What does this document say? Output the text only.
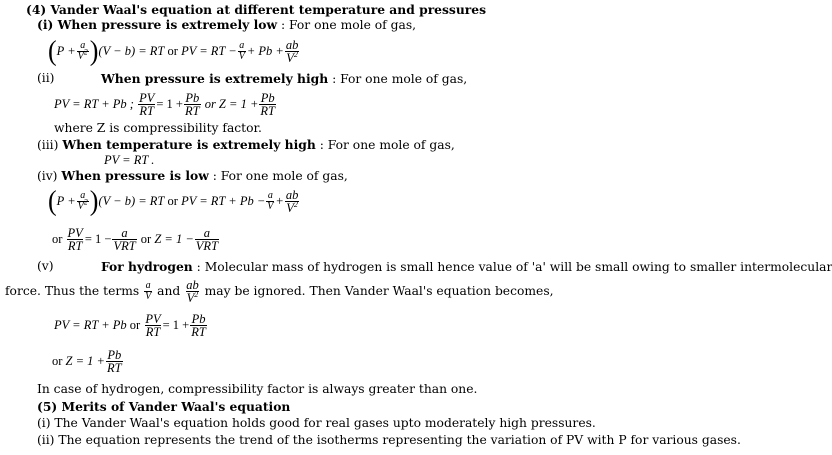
(4) Vander Waal's equation at different temperature and pressures
(i) When pressure is extremely low : For one mole of gas,
( $P + \frac{a}{V^2}$ ) (V − b) = RT
or
PV = RT − $\frac{a}{V} + Pb + \frac{ab}{V^2}$
(ii)	When pressure is extremely high : For one mole of gas,
PV = RT + Pb ;
$\frac{PV}{RT} = 1 + \frac{Pb}{RT}$
or $Z = 1 + \frac{Pb}{RT}$
where Z is compressibility factor.
(iii) When temperature is extremely high : For one mole of gas,
PV = RT .
(iv) When pressure is low : For one mole of gas,
( $P + \frac{a}{V^2}$ ) (V − b) = RT
or
PV = RT + $Pb - \frac{a}{V} + \frac{ab}{V^2}$
or
$\frac{PV}{RT} = 1 - \frac{a}{\text{VRT}}$
or
$Z = 1 - \frac{a}{\text{VRT}}$
(v)	For hydrogen : Molecular mass of hydrogen is small hence value of 'a' will be small owing to smaller intermolecular
force. Thus the terms
$\frac{a}{V}$
and
$\frac{ab}{V^2}$
may be ignored. Then Vander Waal's equation becomes,
PV = RT + Pb
or
$\frac{PV}{RT} = 1 + \frac{Pb}{RT}$
or
$Z = 1 + \frac{Pb}{RT}$
In case of hydrogen, compressibility factor is always greater than one.
(5) Merits of Vander Waal's equation
(i) The Vander Waal's equation holds good for real gases upto moderately high pressures.
(ii) The equation represents the trend of the isotherms representing the variation of PV with P for various gases.
